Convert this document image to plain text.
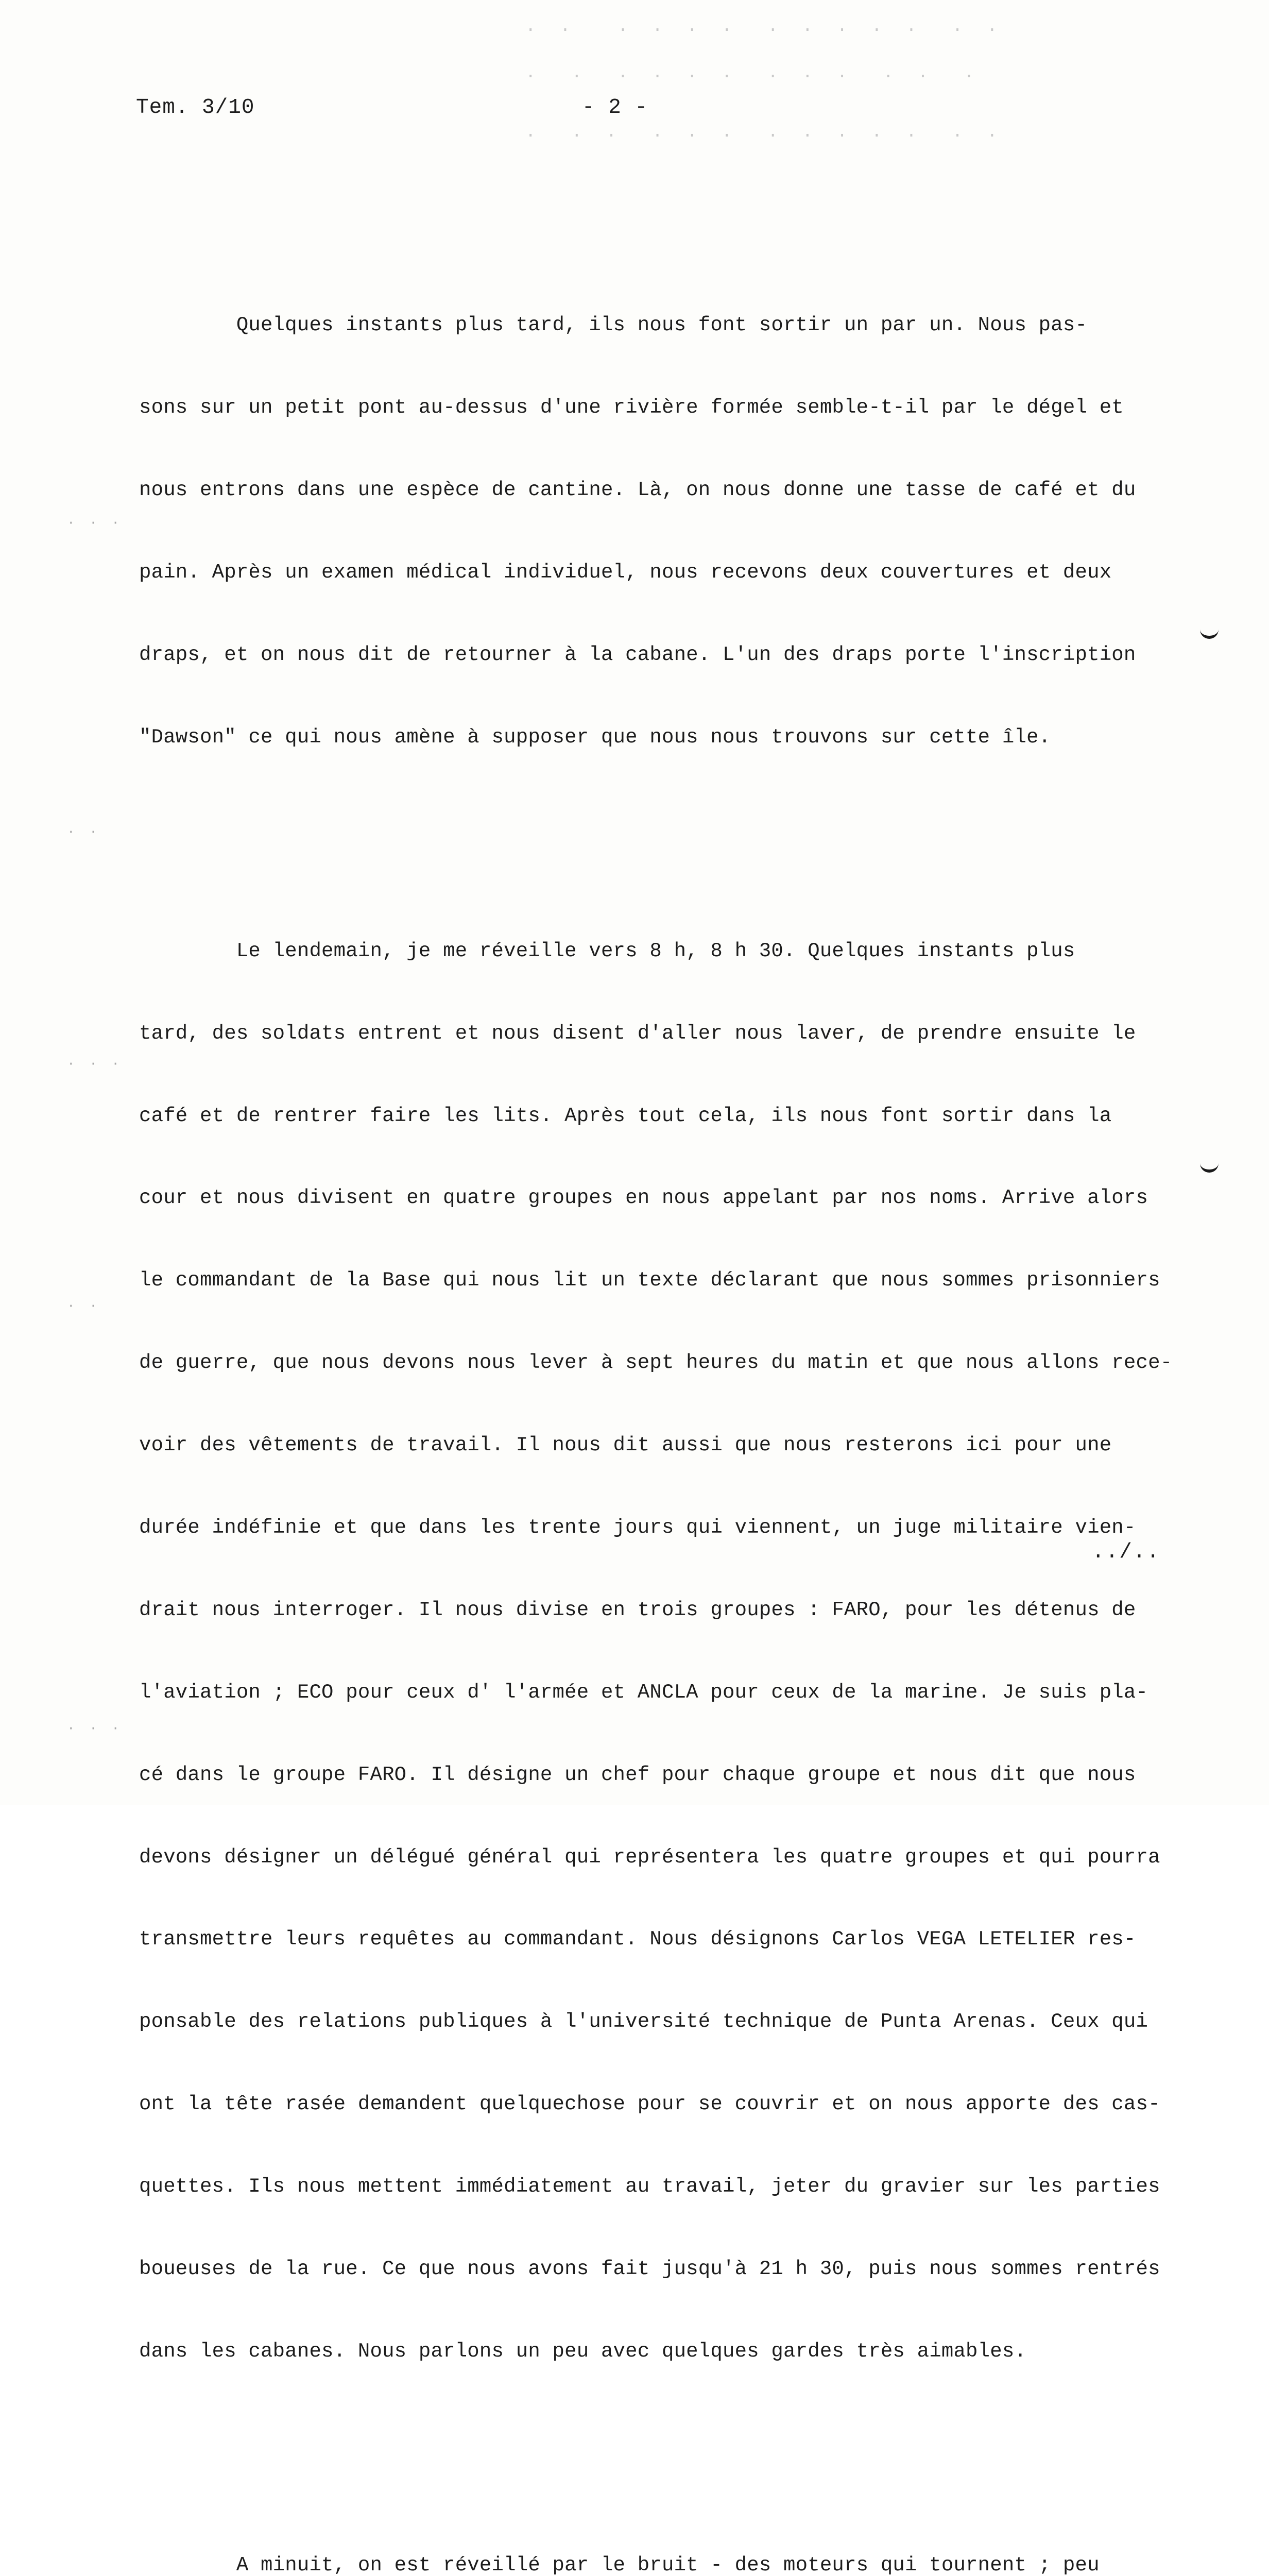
·  ·    ·  ·  ·  ·   ·  ·  ·  ·  ·   ·  ·
·   ·   ·  ·  ·  ·   ·  ·  ·   ·  ·   ·
·   ·  ·   ·  ·  ·   ·  ·  ·  ·  ·   ·  ·
Tem. 3/10	- 2 -

Quelques instants plus tard, ils nous font sortir un par un. Nous pas-

sons sur un petit pont au-dessus d'une rivière formée semble-t-il par le dégel et

nous entrons dans une espèce de cantine. Là, on nous donne une tasse de café et du

pain. Après un examen médical individuel, nous recevons deux couvertures et deux

draps, et on nous dit de retourner à la cabane. L'un des draps porte l'inscription

"Dawson" ce qui nous amène à supposer que nous nous trouvons sur cette île.

Le lendemain, je me réveille vers 8 h, 8 h 30. Quelques instants plus

tard, des soldats entrent et nous disent d'aller nous laver, de prendre ensuite le

café et de rentrer faire les lits. Après tout cela, ils nous font sortir dans la

cour et nous divisent en quatre groupes en nous appelant par nos noms. Arrive alors

le commandant de la Base qui nous lit un texte déclarant que nous sommes prisonniers

de guerre, que nous devons nous lever à sept heures du matin et que nous allons rece-

voir des vêtements de travail. Il nous dit aussi que nous resterons ici pour une

durée indéfinie et que dans les trente jours qui viennent, un juge militaire vien-

drait nous interroger. Il nous divise en trois groupes : FARO, pour les détenus de

l'aviation ; ECO pour ceux d' l'armée et ANCLA pour ceux de la marine. Je suis pla-

cé dans le groupe FARO. Il désigne un chef pour chaque groupe et nous dit que nous

devons désigner un délégué général qui représentera les quatre groupes et qui pourra

transmettre leurs requêtes au commandant. Nous désignons Carlos VEGA LETELIER res-

ponsable des relations publiques à l'université technique de Punta Arenas. Ceux qui

ont la tête rasée demandent quelquechose pour se couvrir et on nous apporte des cas-

quettes. Ils nous mettent immédiatement au travail, jeter du gravier sur les parties

boueuses de la rue. Ce que nous avons fait jusqu'à 21 h 30, puis nous sommes rentrés

dans les cabanes. Nous parlons un peu avec quelques gardes très aimables.

A minuit, on est réveillé par le bruit - des moteurs qui tournent ; peu

· · ·
· ·
· · ·
· ·
· · ·
../..
